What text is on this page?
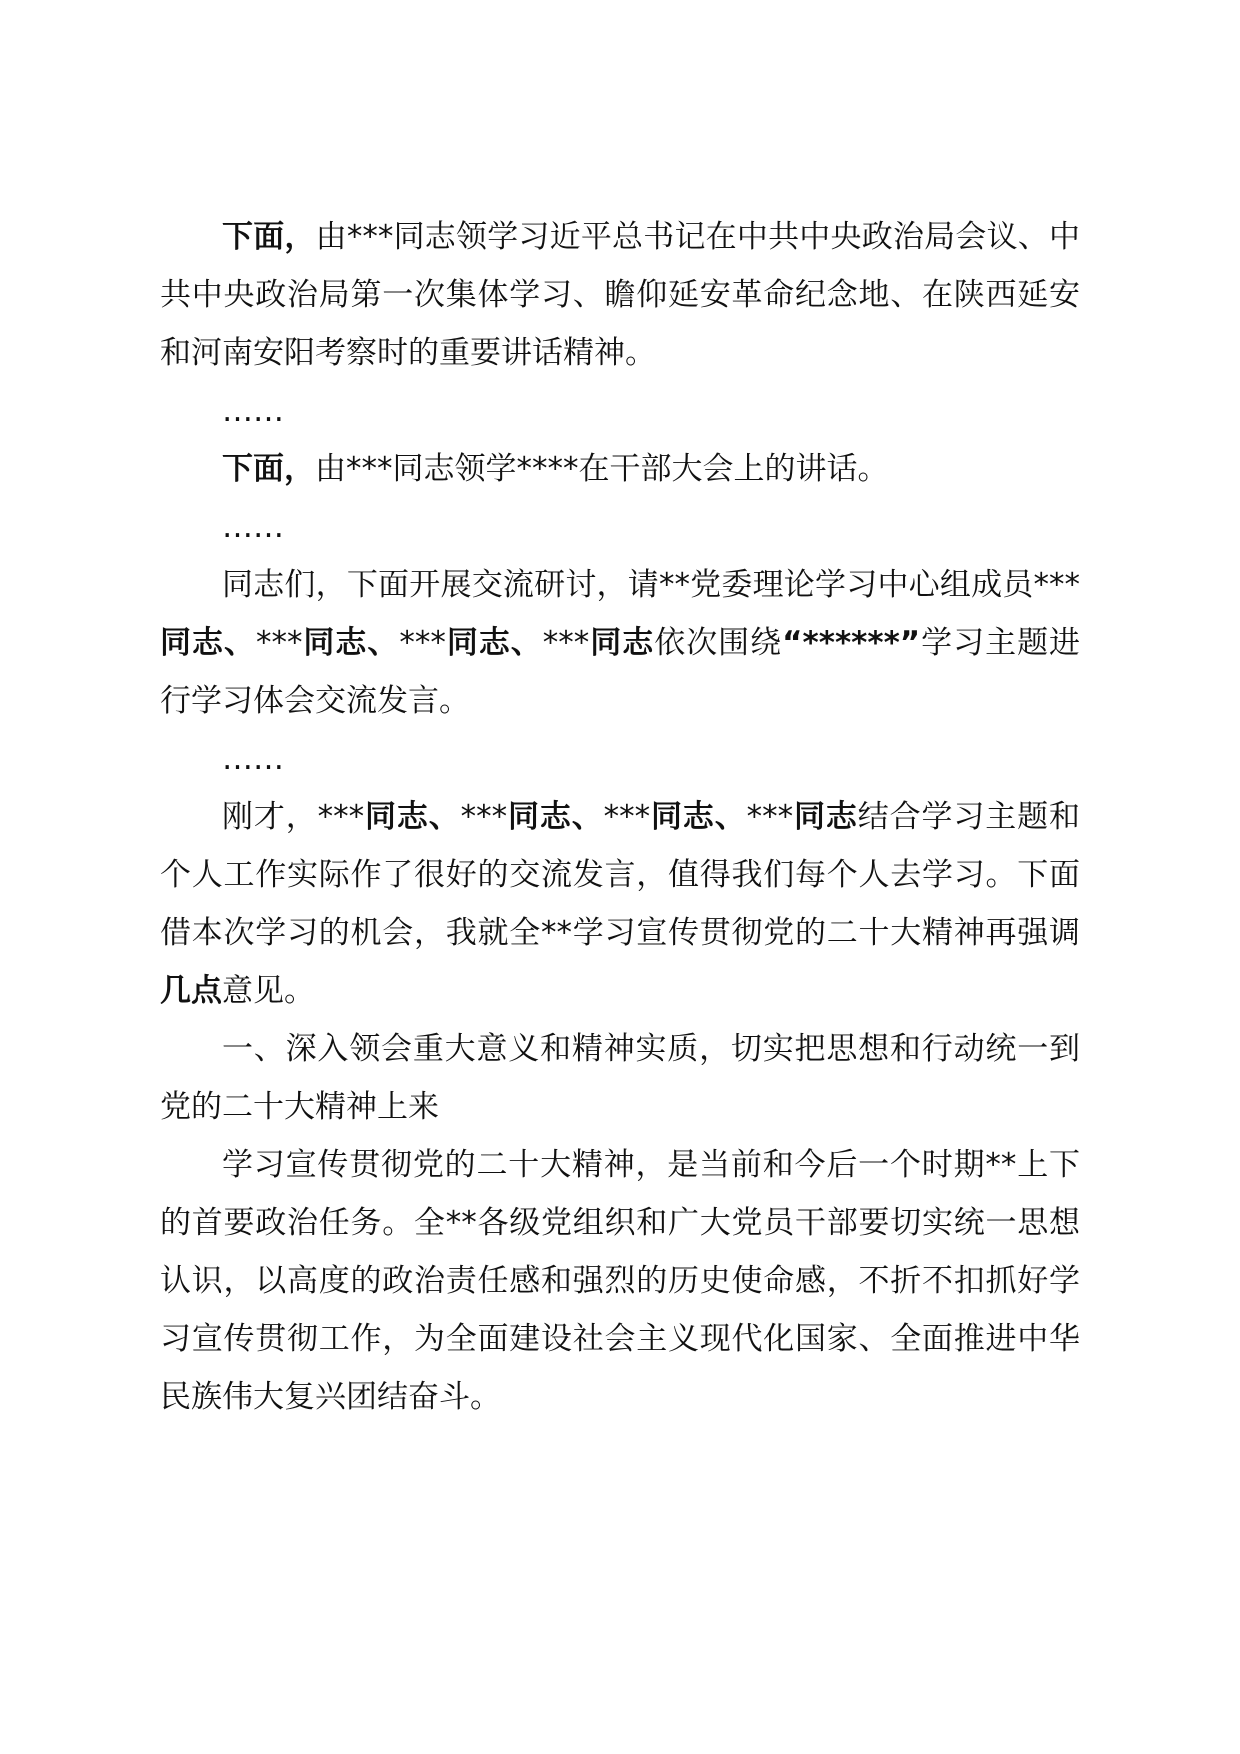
下面，由***同志领学习近平总书记在中共中央政治局会议、中共中央政治局第一次集体学习、瞻仰延安革命纪念地、在陕西延安和河南安阳考察时的重要讲话精神。

……

下面，由***同志领学****在干部大会上的讲话。

……

同志们，下面开展交流研讨，请**党委理论学习中心组成员***同志、***同志、***同志、***同志依次围绕“******”学习主题进行学习体会交流发言。

……

刚才，***同志、***同志、***同志、***同志结合学习主题和个人工作实际作了很好的交流发言，值得我们每个人去学习。下面借本次学习的机会，我就全**学习宣传贯彻党的二十大精神再强调几点意见。

一、深入领会重大意义和精神实质，切实把思想和行动统一到党的二十大精神上来

学习宣传贯彻党的二十大精神，是当前和今后一个时期**上下的首要政治任务。全**各级党组织和广大党员干部要切实统一思想认识，以高度的政治责任感和强烈的历史使命感，不折不扣抓好学习宣传贯彻工作，为全面建设社会主义现代化国家、全面推进中华民族伟大复兴团结奋斗。
